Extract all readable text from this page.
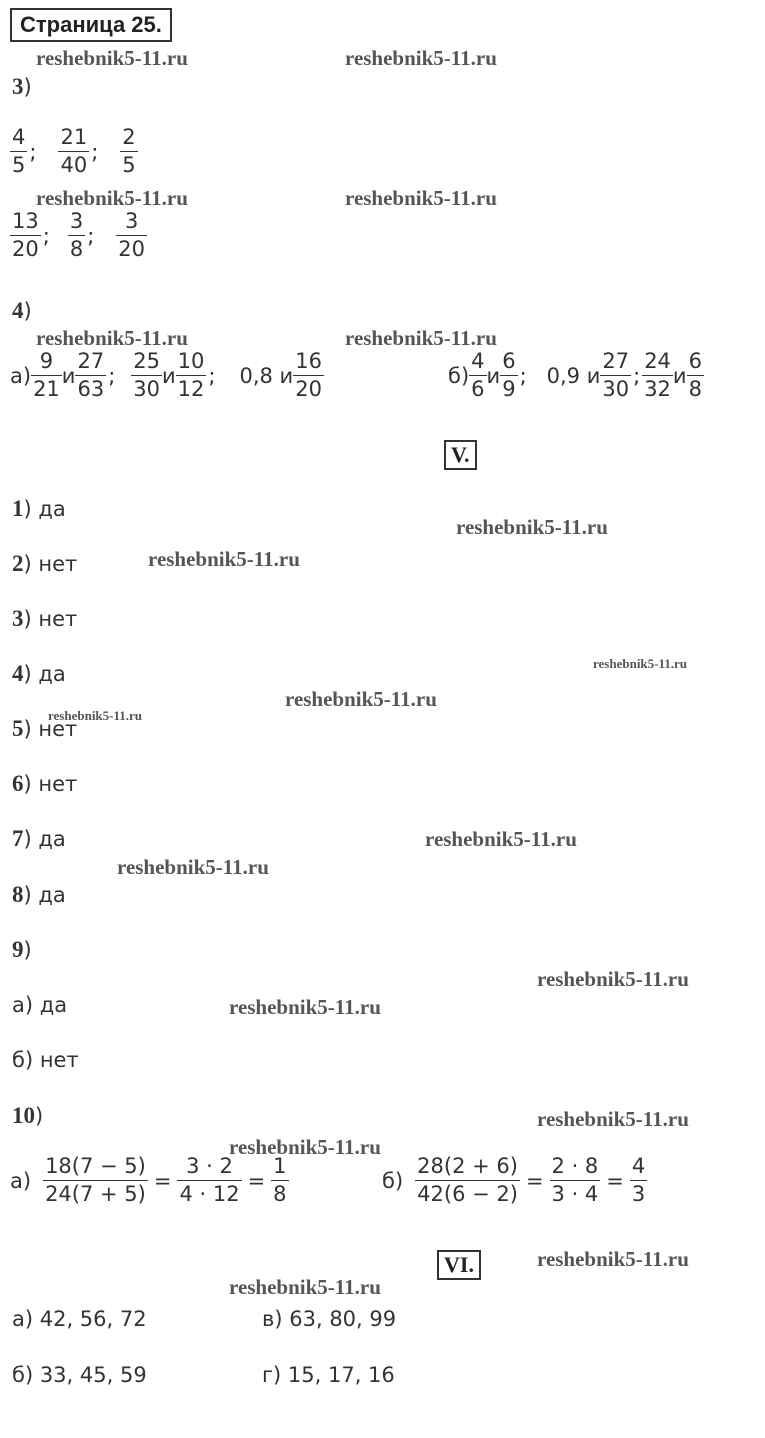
Страница 25.
reshebnik5-11.ru	reshebnik5-11.ru
reshebnik5-11.ru	reshebnik5-11.ru
reshebnik5-11.ru	reshebnik5-11.ru
reshebnik5-11.ru
reshebnik5-11.ru
reshebnik5-11.ru
reshebnik5-11.ru
reshebnik5-11.ru
reshebnik5-11.ru
reshebnik5-11.ru
reshebnik5-11.ru
reshebnik5-11.ru
reshebnik5-11.ru
reshebnik5-11.ru
reshebnik5-11.ru
reshebnik5-11.ru
3)
$\frac{4}{5}$ ; $\frac{21}{40}$ ; $\frac{2}{5}$
$\frac{13}{20}$ ; $\frac{3}{8}$ ; $\frac{3}{20}$
4)
$а) \frac{9}{21}$ и $\frac{27}{63}$ ; $\frac{25}{30}$ и $\frac{10}{12}$ ; 0,8 и $\frac{16}{20}$	$б) \frac{4}{6}$ и $\frac{6}{9}$ ; 0,9 и $\frac{27}{30}$ ; $\frac{24}{32}$ и $\frac{6}{8}$
V.
1) да
2) нет
3) нет
4) да
5) нет
6) нет
7) да
8) да
9)
а) да
б) нет
10)
$а) \frac{18(7 - 5)}{24(7 + 5)} = \frac{3 \cdot 2}{4 \cdot 12} = \frac{1}{8}$	$б) \frac{28(2 + 6)}{42(6 - 2)} = \frac{2 \cdot 8}{3 \cdot 4} = \frac{4}{3}$
VI.
а) 42, 56, 72	в) 63, 80, 99
б) 33, 45, 59	г) 15, 17, 16
